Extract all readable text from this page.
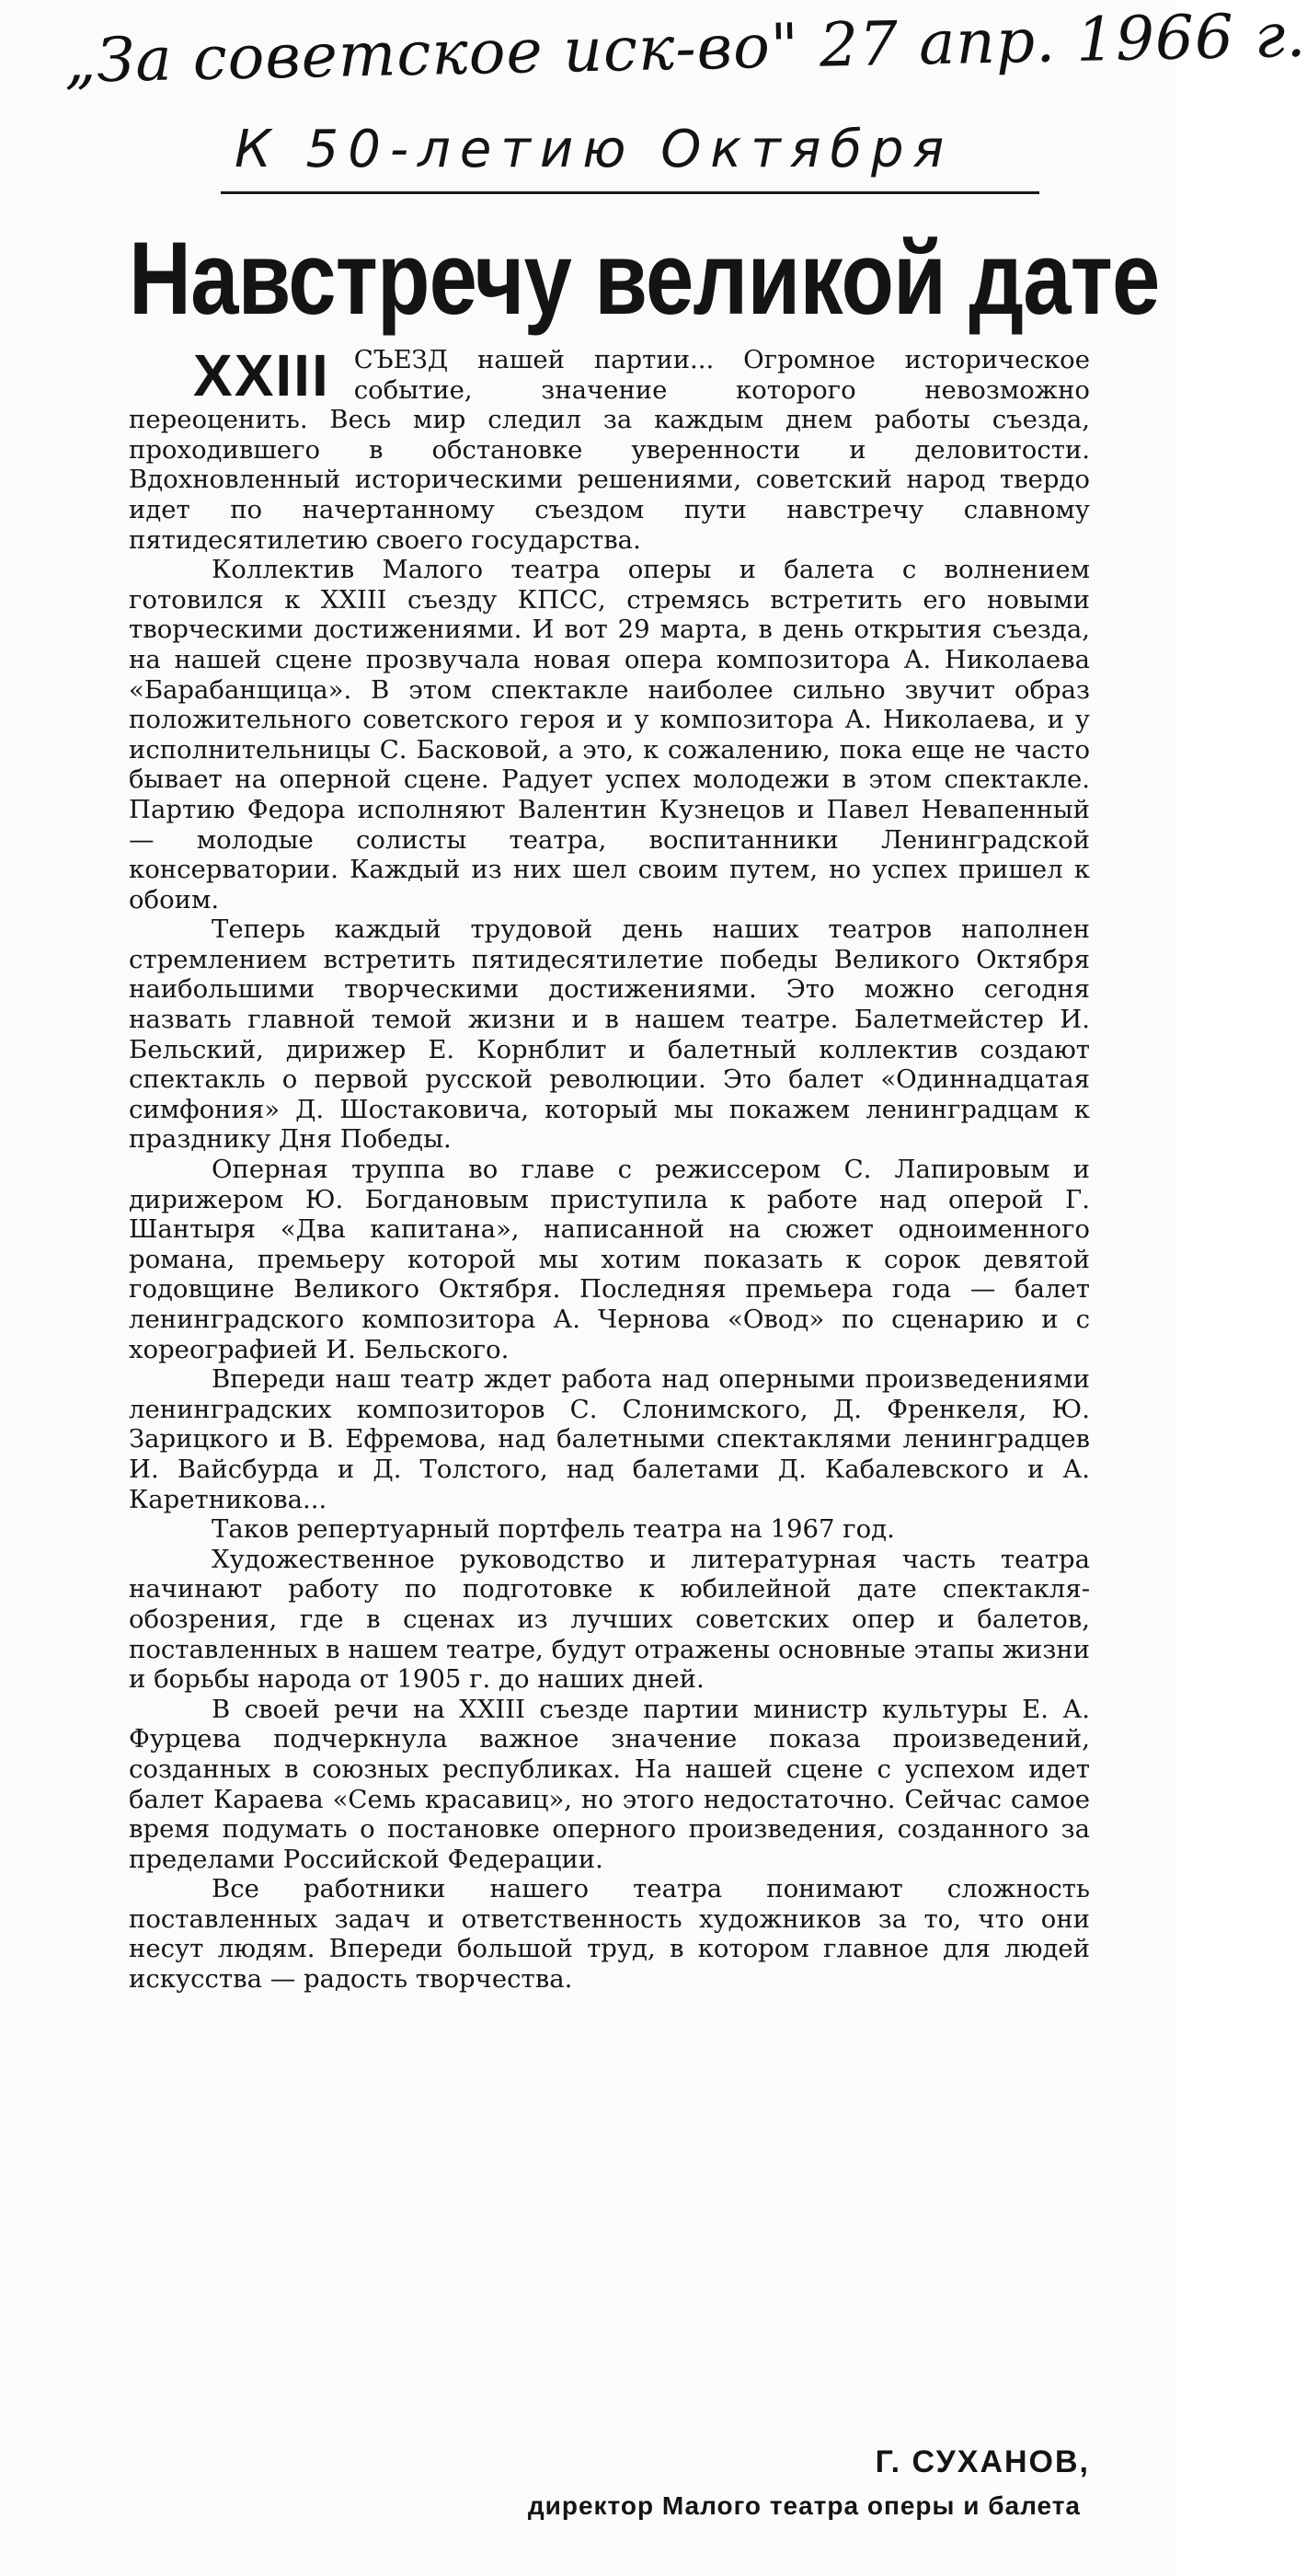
„За советское иск-во" 27 апр. 1966 г.
К 50-летию Октября
Навстречу великой дате

XXIII СЪЕЗД нашей партии... Огромное историческое событие, значение которого невозможно переоценить. Весь мир следил за каждым днем работы съезда, проходившего в обстановке уверенности и деловитости. Вдохновленный историческими решениями, советский народ твердо идет по начертанному съездом пути навстречу славному пятидесятилетию своего государства.

Коллектив Малого театра оперы и балета с волнением готовился к XXIII съезду КПСС, стремясь встретить его новыми творческими достижениями. И вот 29 марта, в день открытия съезда, на нашей сцене прозвучала новая опера композитора А. Николаева «Барабанщица». В этом спектакле наиболее сильно звучит образ положительного советского героя и у композитора А. Николаева, и у исполнительницы С. Басковой, а это, к сожалению, пока еще не часто бывает на оперной сцене. Радует успех молодежи в этом спектакле. Партию Федора исполняют Валентин Кузнецов и Павел Невапенный — молодые солисты театра, воспитанники Ленинградской консерватории. Каждый из них шел своим путем, но успех пришел к обоим.

Теперь каждый трудовой день наших театров наполнен стремлением встретить пятидесятилетие победы Великого Октября наибольшими творческими достижениями. Это можно сегодня назвать главной темой жизни и в нашем театре. Балетмейстер И. Бельский, дирижер Е. Корнблит и балетный коллектив создают спектакль о первой русской революции. Это балет «Одиннадцатая симфония» Д. Шостаковича, который мы покажем ленинградцам к празднику Дня Победы.

Оперная труппа во главе с режиссером С. Лапировым и дирижером Ю. Богдановым приступила к работе над оперой Г. Шантыря «Два капитана», написанной на сюжет одноименного романа, премьеру которой мы хотим показать к сорок девятой годовщине Великого Октября. Последняя премьера года — балет ленинградского композитора А. Чернова «Овод» по сценарию и с хореографией И. Бельского.

Впереди наш театр ждет работа над оперными произведениями ленинградских композиторов С. Слонимского, Д. Френкеля, Ю. Зарицкого и В. Ефремова, над балетными спектаклями ленинградцев И. Вайсбурда и Д. Толстого, над балетами Д. Кабалевского и А. Каретникова...

Таков репертуарный портфель театра на 1967 год.

Художественное руководство и литературная часть театра начинают работу по подготовке к юбилейной дате спектакля-обозрения, где в сценах из лучших советских опер и балетов, поставленных в нашем театре, будут отражены основные этапы жизни и борьбы народа от 1905 г. до наших дней.

В своей речи на XXIII съезде партии министр культуры Е. А. Фурцева подчеркнула важное значение показа произведений, созданных в союзных республиках. На нашей сцене с успехом идет балет Караева «Семь красавиц», но этого недостаточно. Сейчас самое время подумать о постановке оперного произведения, созданного за пределами Российской Федерации.

Все работники нашего театра понимают сложность поставленных задач и ответственность художников за то, что они несут людям. Впереди большой труд, в котором главное для людей искусства — радость творчества.

Г. СУХАНОВ,
директор Малого театра оперы и балета
